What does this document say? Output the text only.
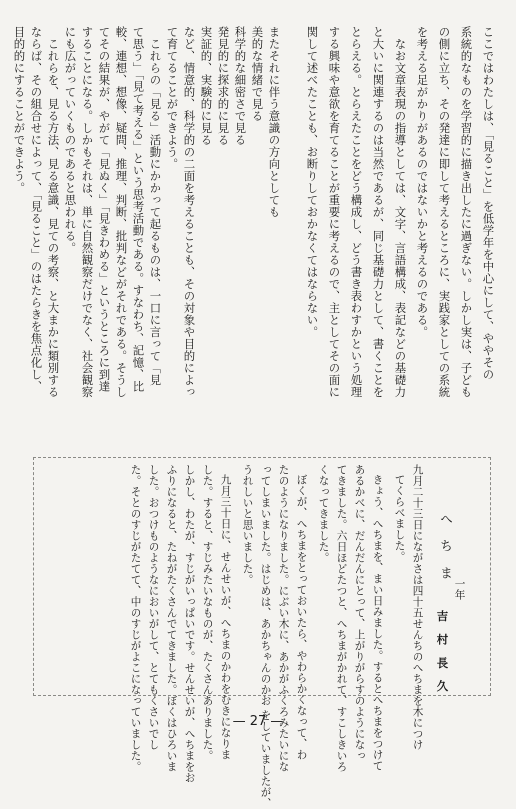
ここではわたしは、「見ること」を低学年を中心にして、ややその
系統的なものを学習的に描き出したに過ぎない。しかし実は、子ども
の側に立ち、その発達に即して考えるところに、実践家としての系統
を考える足がかりがあるのではないかと考えるのである。
なお文章表現の指導としては、文字、言語構成、表記などの基礎力
と大いに関連するのは当然であるが、同じ基礎力として、書くことを
とらえる。とらえたことをどう構成し、どう書き表わすかという処理
する興味や意欲を育てることが重要に考えるので、主としてその面に
関して述べたことも、お断りしておかなくてはならない。
またそれに伴う意識の方向としても
美的な情緒で見る
科学的な細密さで見る
発見的に探求的に見る
実証的、実験的に見る
など、情意的、科学的の二面を考えることも、その対象や目的によっ
て育てることができよう。
これらの「見る」活動にかかって起るものは、一口に言って「見
て思う」「見て考える」という思考活動である。すなわち、記憶、比
較、連想、想像、疑問、推理、判断、批判などがそれである。そうし
てその結果が、やがて「見ぬく」「見きわめる」というところに到達
することになる。しかもそれは、単に自然観察だけでなく、社会観察
にも広がっていくものであると思われる。
これらを、見る方法、見る意識、見ての考察、と大まかに類別する
ならば、その組合せによって、「見ること」のはたらきを焦点化し、
目的的にすることができよう。
へちま 一年
吉 村 長 久
九月二十三日にながさは四十五せんちのへちまを木につけ
てくらべました。
きょう、へちまを、まい日みました。するとへちまをつけて
あるかべに、だんだんにとって、上がりがらすのようになっ
てきました。六日ほどたつと、へちまがかれて、すこしきいろ
くなってきました。
ぼくが、へちまをとっておいたら、やわらかくなって、わ
たのようになりました。にぶい木に、あかがふくろみたいにな
ってしまいました。はじめは、あかちゃんのかお をしていましたが、
うれしいと思いました。
九月三十日に、せんせいが、へちまのかわをむきになりま
した。すると、すじみたいなものが、たくさんありました。
しかし、わたが、すじがいっぱいです。せんせいが、へちまをお
ふりになると、たねがたくさんでてきました。ぼくはひろいま
した。おつけものようなにおいがして、とてもくさいでし
た。そとのすじがたてて、中のすじがよこになっていました。	— 27 —
